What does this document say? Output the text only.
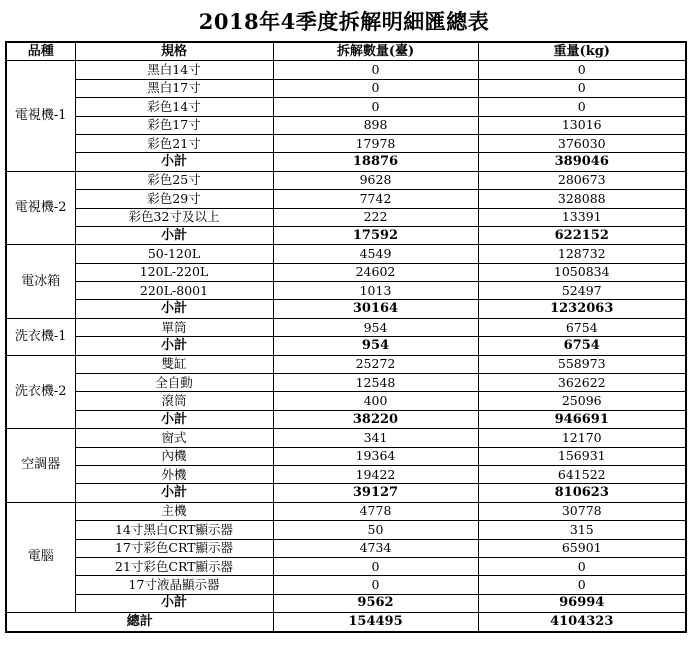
2018年4季度拆解明細匯總表
品種	規格	拆解數量(臺)	重量(kg)
電視機-1	黑白14寸	0	0
	黑白17寸	0	0
	彩色14寸	0	0
	彩色17寸	898	13016
	彩色21寸	17978	376030
	小計	18876	389046
電視機-2	彩色25寸	9628	280673
	彩色29寸	7742	328088
	彩色32寸及以上	222	13391
	小計	17592	622152
電冰箱	50-120L	4549	128732
	120L-220L	24602	1050834
	220L-8001	1013	52497
	小計	30164	1232063
洗衣機-1	單筒	954	6754
	小計	954	6754
洗衣機-2	雙缸	25272	558973
	全自動	12548	362622
	滾筒	400	25096
	小計	38220	946691
空調器	窗式	341	12170
	內機	19364	156931
	外機	19422	641522
	小計	39127	810623
電腦	主機	4778	30778
	14寸黑白CRT顯示器	50	315
	17寸彩色CRT顯示器	4734	65901
	21寸彩色CRT顯示器	0	0
	17寸液晶顯示器	0	0
	小計	9562	96994
總計		154495	4104323
